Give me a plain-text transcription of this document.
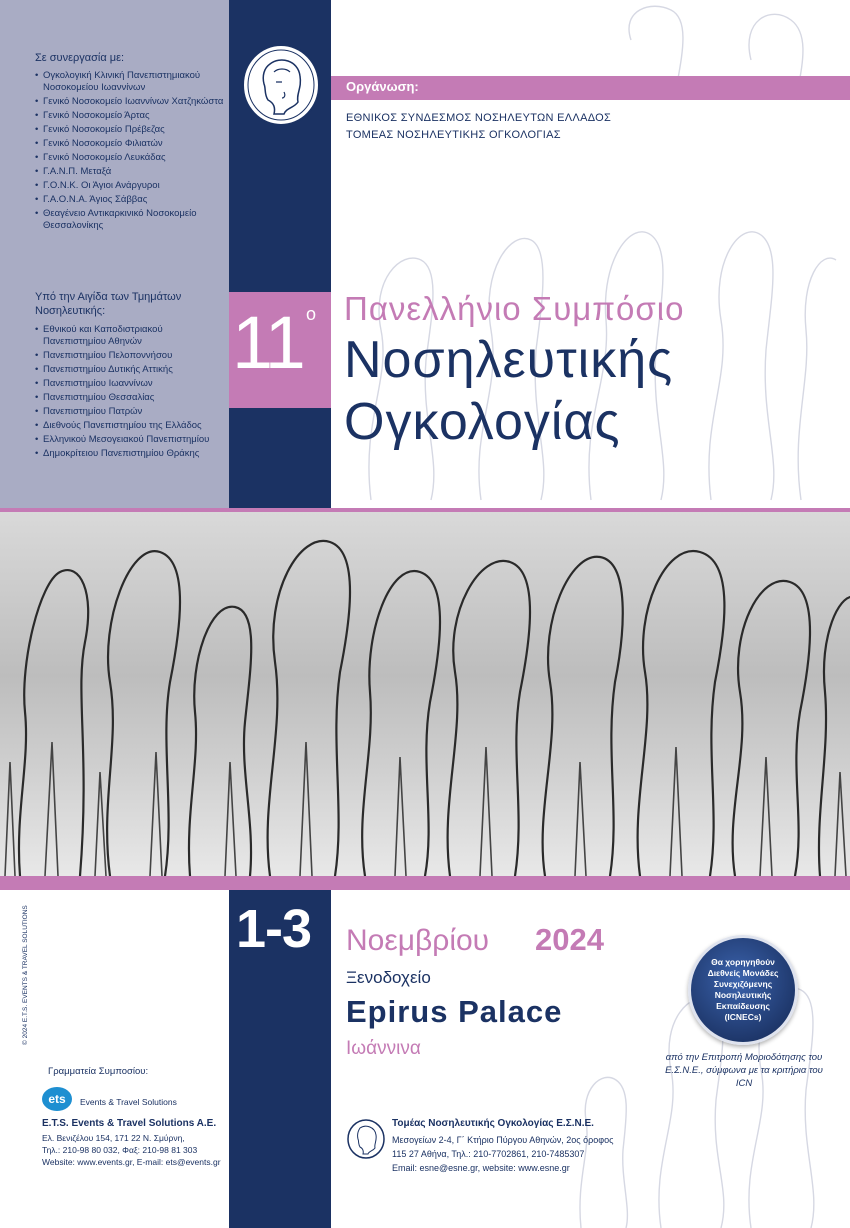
Σε συνεργασία με:
• Ογκολογική Κλινική Πανεπιστημιακού Νοσοκομείου Ιωαννίνων
• Γενικό Νοσοκομείο Ιωαννίνων Χατζηκώστα
• Γενικό Νοσοκομείο Άρτας
• Γενικό Νοσοκομείο Πρέβεζας
• Γενικό Νοσοκομείο Φιλιατών
• Γενικό Νοσοκομείο Λευκάδας
• Γ.Α.Ν.Π. Μεταξά
• Γ.Ο.Ν.Κ. Οι Άγιοι Ανάργυροι
• Γ.Α.Ο.Ν.Α. Άγιος Σάββας
• Θεαγένειο Αντικαρκινικό Νοσοκομείο Θεσσαλονίκης
Υπό την Αιγίδα των Τμημάτων Νοσηλευτικής:
• Εθνικού και Καποδιστριακού Πανεπιστημίου Αθηνών
• Πανεπιστημίου Πελοποννήσου
• Πανεπιστημίου Δυτικής Αττικής
• Πανεπιστημίου Ιωαννίνων
• Πανεπιστημίου Θεσσαλίας
• Πανεπιστημίου Πατρών
• Διεθνούς Πανεπιστημίου της Ελλάδος
• Ελληνικού Μεσογειακού Πανεπιστημίου
• Δημοκρίτειου Πανεπιστημίου Θράκης
Οργάνωση:
ΕΘΝΙΚΟΣ ΣΥΝΔΕΣΜΟΣ ΝΟΣΗΛΕΥΤΩΝ ΕΛΛΑΔΟΣ
ΤΟΜΕΑΣ ΝΟΣΗΛΕΥΤΙΚΗΣ ΟΓΚΟΛΟΓΙΑΣ
11 ο Πανελλήνιο Συμπόσιο
Νοσηλευτικής
Ογκολογίας
1-3 Νοεμβρίου 2024
Ξενοδοχείο
Epirus Palace
Ιωάννινα
Θα χορηγηθούν Διεθνείς Μονάδες Συνεχιζόμενης Νοσηλευτικής Εκπαίδευσης (ICNECs)
από την Επιτροπή Μοριοδότησης του Ε.Σ.Ν.Ε., σύμφωνα με τα κριτήρια του ICN
© 2024 E.T.S. EVENTS & TRAVEL SOLUTIONS
Γραμματεία Συμποσίου:
ets	Events & Travel Solutions
E.T.S. Events & Travel Solutions A.E.
Ελ. Βενιζέλου 154, 171 22 Ν. Σμύρνη,
Τηλ.: 210-98 80 032, Φαξ: 210-98 81 303
Website: www.events.gr, E-mail: ets@events.gr
Τομέας Νοσηλευτικής Ογκολογίας Ε.Σ.Ν.Ε.
Μεσογείων 2-4, Γ΄ Κτήριο Πύργου Αθηνών, 2ος όροφος
115 27 Αθήνα, Τηλ.: 210-7702861, 210-7485307
Email: esne@esne.gr, website: www.esne.gr
